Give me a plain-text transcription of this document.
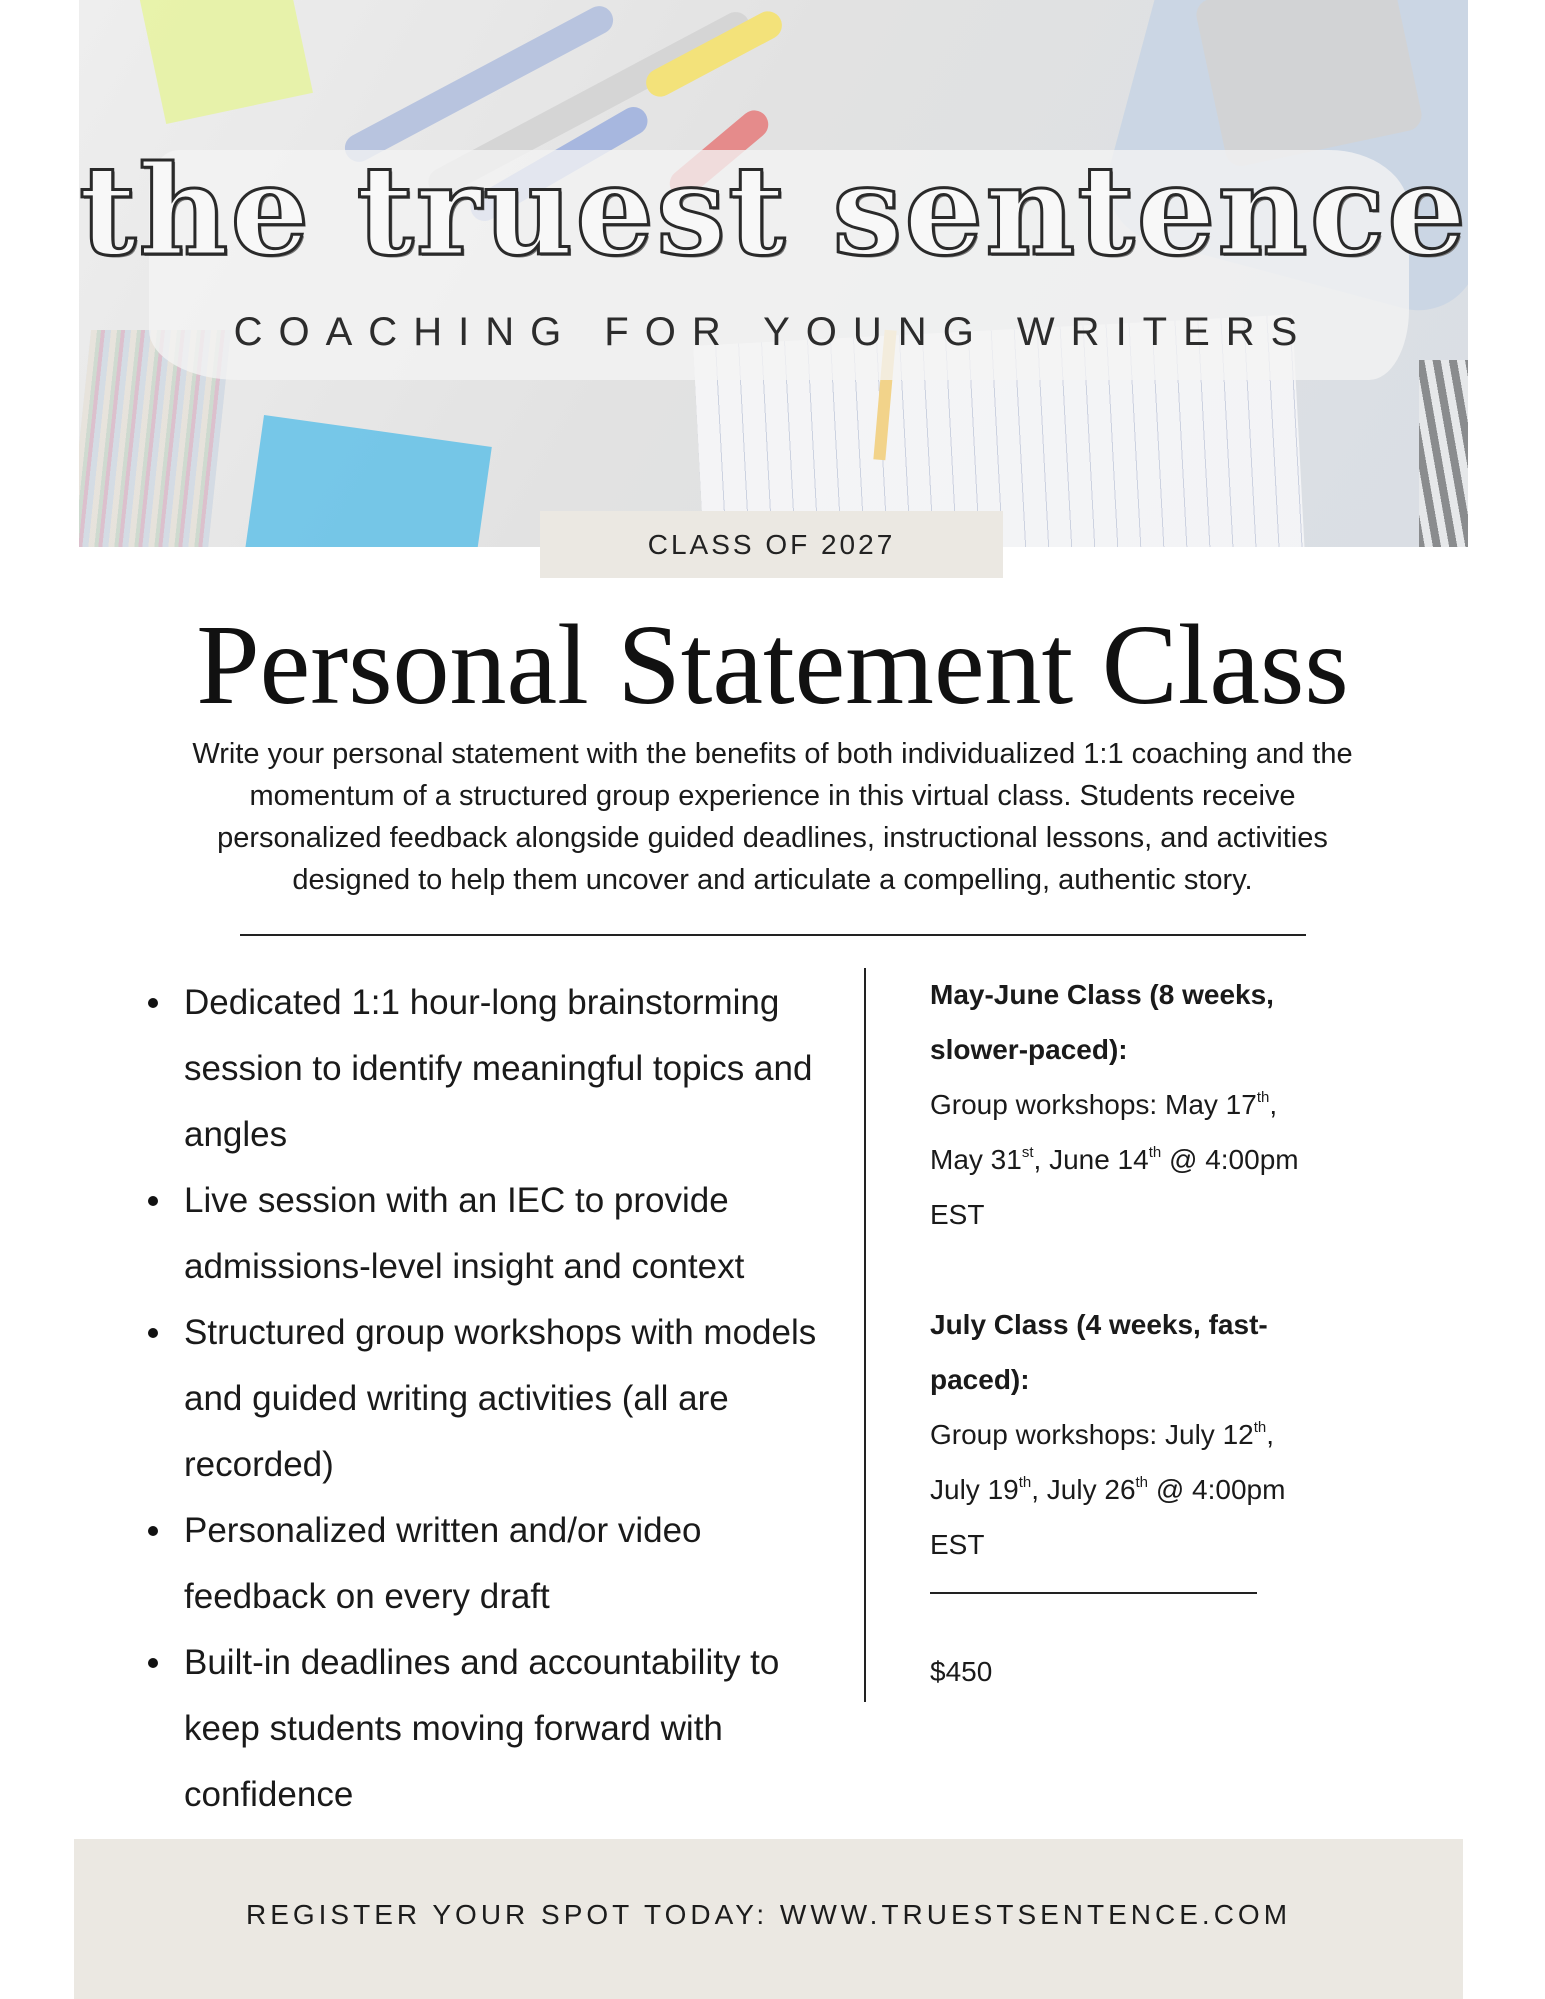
the truest sentence
COACHING FOR YOUNG WRITERS
CLASS OF 2027
Personal Statement Class

Write your personal statement with the benefits of both individualized 1:1 coaching and the momentum of a structured group experience in this virtual class. Students receive personalized feedback alongside guided deadlines, instructional lessons, and activities designed to help them uncover and articulate a compelling, authentic story.

Dedicated 1:1 hour-long brainstorming session to identify meaningful topics and angles
Live session with an IEC to provide admissions-level insight and context
Structured group workshops with models and guided writing activities (all are recorded)
Personalized written and/or video feedback on every draft
Built-in deadlines and accountability to keep students moving forward with confidence
May-June Class (8 weeks, slower-paced):
Group workshops: May 17th, May 31st, June 14th @ 4:00pm EST
July Class (4 weeks, fast-paced):
Group workshops: July 12th, July 19th, July 26th @ 4:00pm EST
$450
REGISTER YOUR SPOT TODAY: WWW.TRUESTSENTENCE.COM
